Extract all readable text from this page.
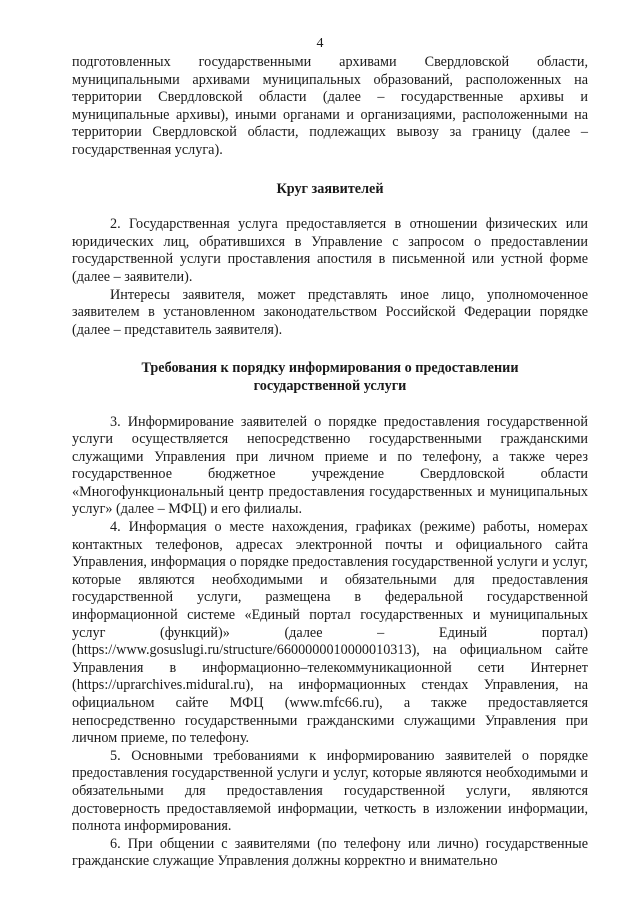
4

подготовленных государственными архивами Свердловской области, муниципальными архивами муниципальных образований, расположенных на территории Свердловской области (далее – государственные архивы и муниципальные архивы), иными органами и организациями, расположенными на территории Свердловской области, подлежащих вывозу за границу (далее – государственная услуга).

Круг заявителей

2. Государственная услуга предоставляется в отношении физических или юридических лиц, обратившихся в Управление с запросом о предоставлении государственной услуги проставления апостиля в письменной или устной форме (далее – заявители).

Интересы заявителя, может представлять иное лицо, уполномоченное заявителем в установленном законодательством Российской Федерации порядке (далее – представитель заявителя).

Требования к порядку информирования о предоставлении государственной услуги

3. Информирование заявителей о порядке предоставления государственной услуги осуществляется непосредственно государственными гражданскими служащими Управления при личном приеме и по телефону, а также через государственное бюджетное учреждение Свердловской области «Многофункциональный центр предоставления государственных и муниципальных услуг» (далее – МФЦ) и его филиалы.

4. Информация о месте нахождения, графиках (режиме) работы, номерах контактных телефонов, адресах электронной почты и официального сайта Управления, информация о порядке предоставления государственной услуги и услуг, которые являются необходимыми и обязательными для предоставления государственной услуги, размещена в федеральной государственной информационной системе «Единый портал государственных и муниципальных услуг (функций)» (далее – Единый портал) (https://www.gosuslugi.ru/structure/6600000010000010313), на официальном сайте Управления в информационно–телекоммуникационной сети Интернет (https://uprarchives.midural.ru), на информационных стендах Управления, на официальном сайте МФЦ (www.mfc66.ru), а также предоставляется непосредственно государственными гражданскими служащими Управления при личном приеме, по телефону.

5. Основными требованиями к информированию заявителей о порядке предоставления государственной услуги и услуг, которые являются необходимыми и обязательными для предоставления государственной услуги, являются достоверность предоставляемой информации, четкость в изложении информации, полнота информирования.

6. При общении с заявителями (по телефону или лично) государственные гражданские служащие Управления должны корректно и внимательно
